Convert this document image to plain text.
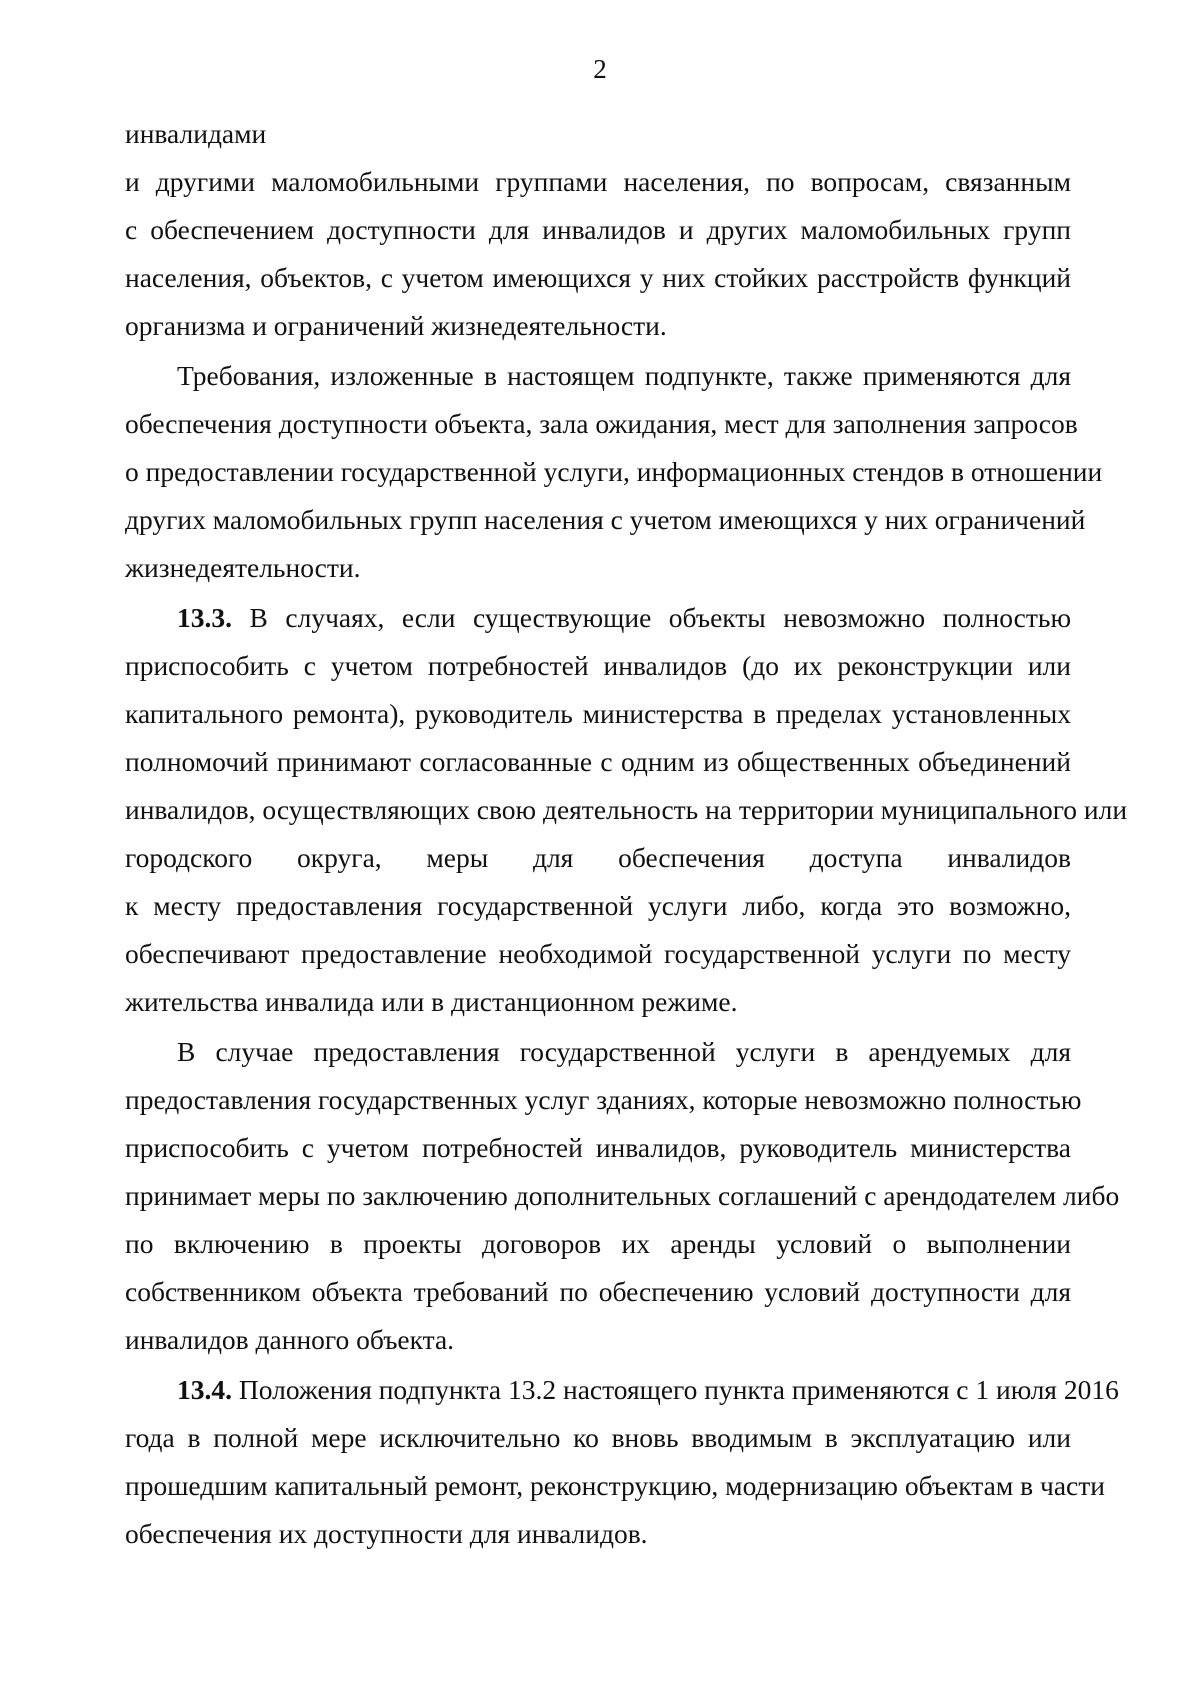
2
инвалидами
и другими маломобильными группами населения, по вопросам, связанным
с обеспечением доступности для инвалидов и других маломобильных групп
населения, объектов, с учетом имеющихся у них стойких расстройств функций
организма и ограничений жизнедеятельности.
Требования, изложенные в настоящем подпункте, также применяются для
обеспечения доступности объекта, зала ожидания, мест для заполнения запросов
о предоставлении государственной услуги, информационных стендов в отношении
других маломобильных групп населения с учетом имеющихся у них ограничений
жизнедеятельности.
13.3. В случаях, если существующие объекты невозможно полностью
приспособить с учетом потребностей инвалидов (до их реконструкции или
капитального ремонта), руководитель министерства в пределах установленных
полномочий принимают согласованные с одним из общественных объединений
инвалидов, осуществляющих свою деятельность на территории муниципального или
городского округа, меры для обеспечения доступа инвалидов
к месту предоставления государственной услуги либо, когда это возможно,
обеспечивают предоставление необходимой государственной услуги по месту
жительства инвалида или в дистанционном режиме.
В случае предоставления государственной услуги в арендуемых для
предоставления государственных услуг зданиях, которые невозможно полностью
приспособить с учетом потребностей инвалидов, руководитель министерства
принимает меры по заключению дополнительных соглашений с арендодателем либо
по включению в проекты договоров их аренды условий о выполнении
собственником объекта требований по обеспечению условий доступности для
инвалидов данного объекта.
13.4. Положения подпункта 13.2 настоящего пункта применяются с 1 июля 2016
года в полной мере исключительно ко вновь вводимым в эксплуатацию или
прошедшим капитальный ремонт, реконструкцию, модернизацию объектам в части
обеспечения их доступности для инвалидов.
